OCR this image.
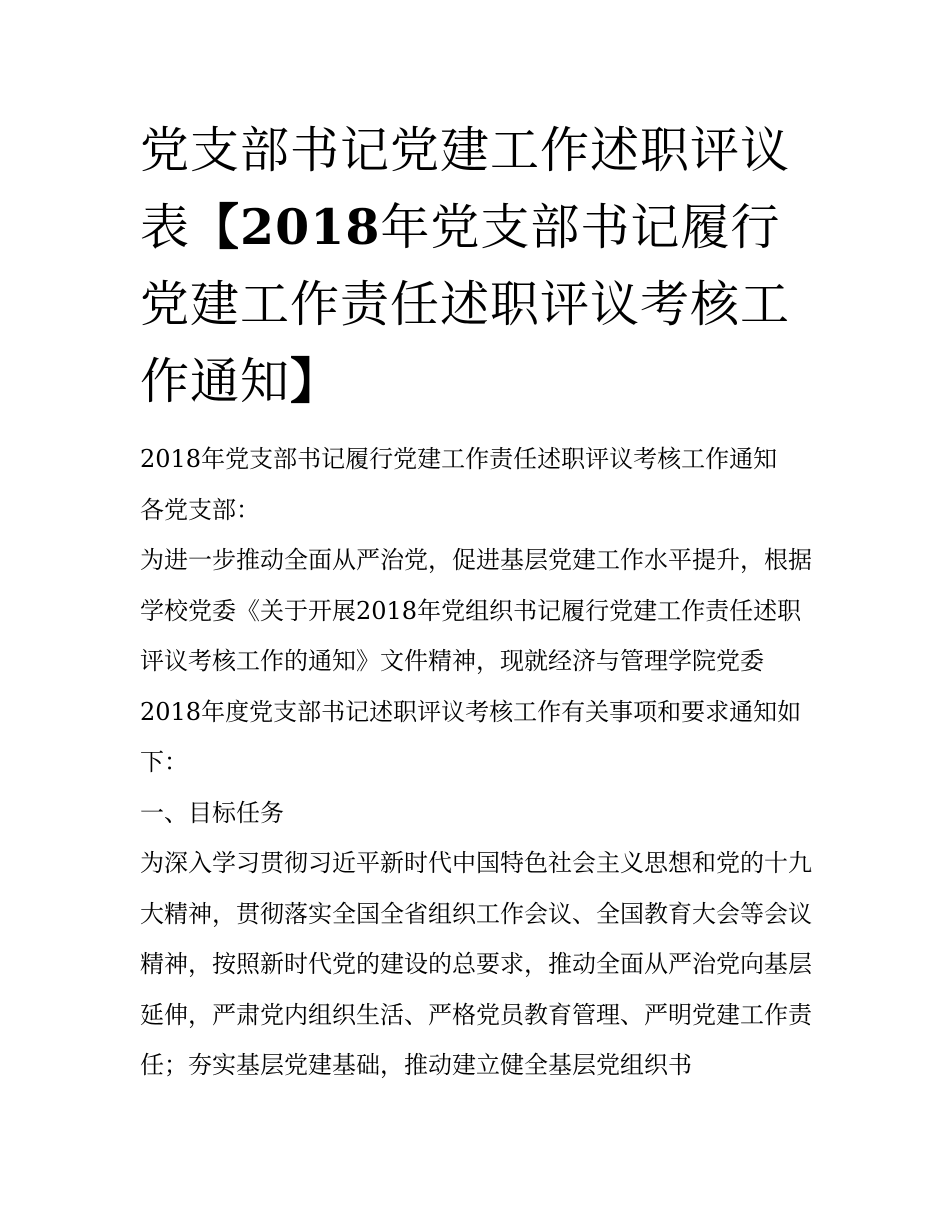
党支部书记党建工作述职评议表【2018年党支部书记履行党建工作责任述职评议考核工作通知】

2018年党支部书记履行党建工作责任述职评议考核工作通知

各党支部：

为进一步推动全面从严治党，促进基层党建工作水平提升，根据学校党委《关于开展2018年党组织书记履行党建工作责任述职评议考核工作的通知》文件精神，现就经济与管理学院党委2018年度党支部书记述职评议考核工作有关事项和要求通知如下：

一、目标任务

为深入学习贯彻习近平新时代中国特色社会主义思想和党的十九大精神，贯彻落实全国全省组织工作会议、全国教育大会等会议精神，按照新时代党的建设的总要求，推动全面从严治党向基层延伸，严肃党内组织生活、严格党员教育管理、严明党建工作责任；夯实基层党建基础，推动建立健全基层党组织书
